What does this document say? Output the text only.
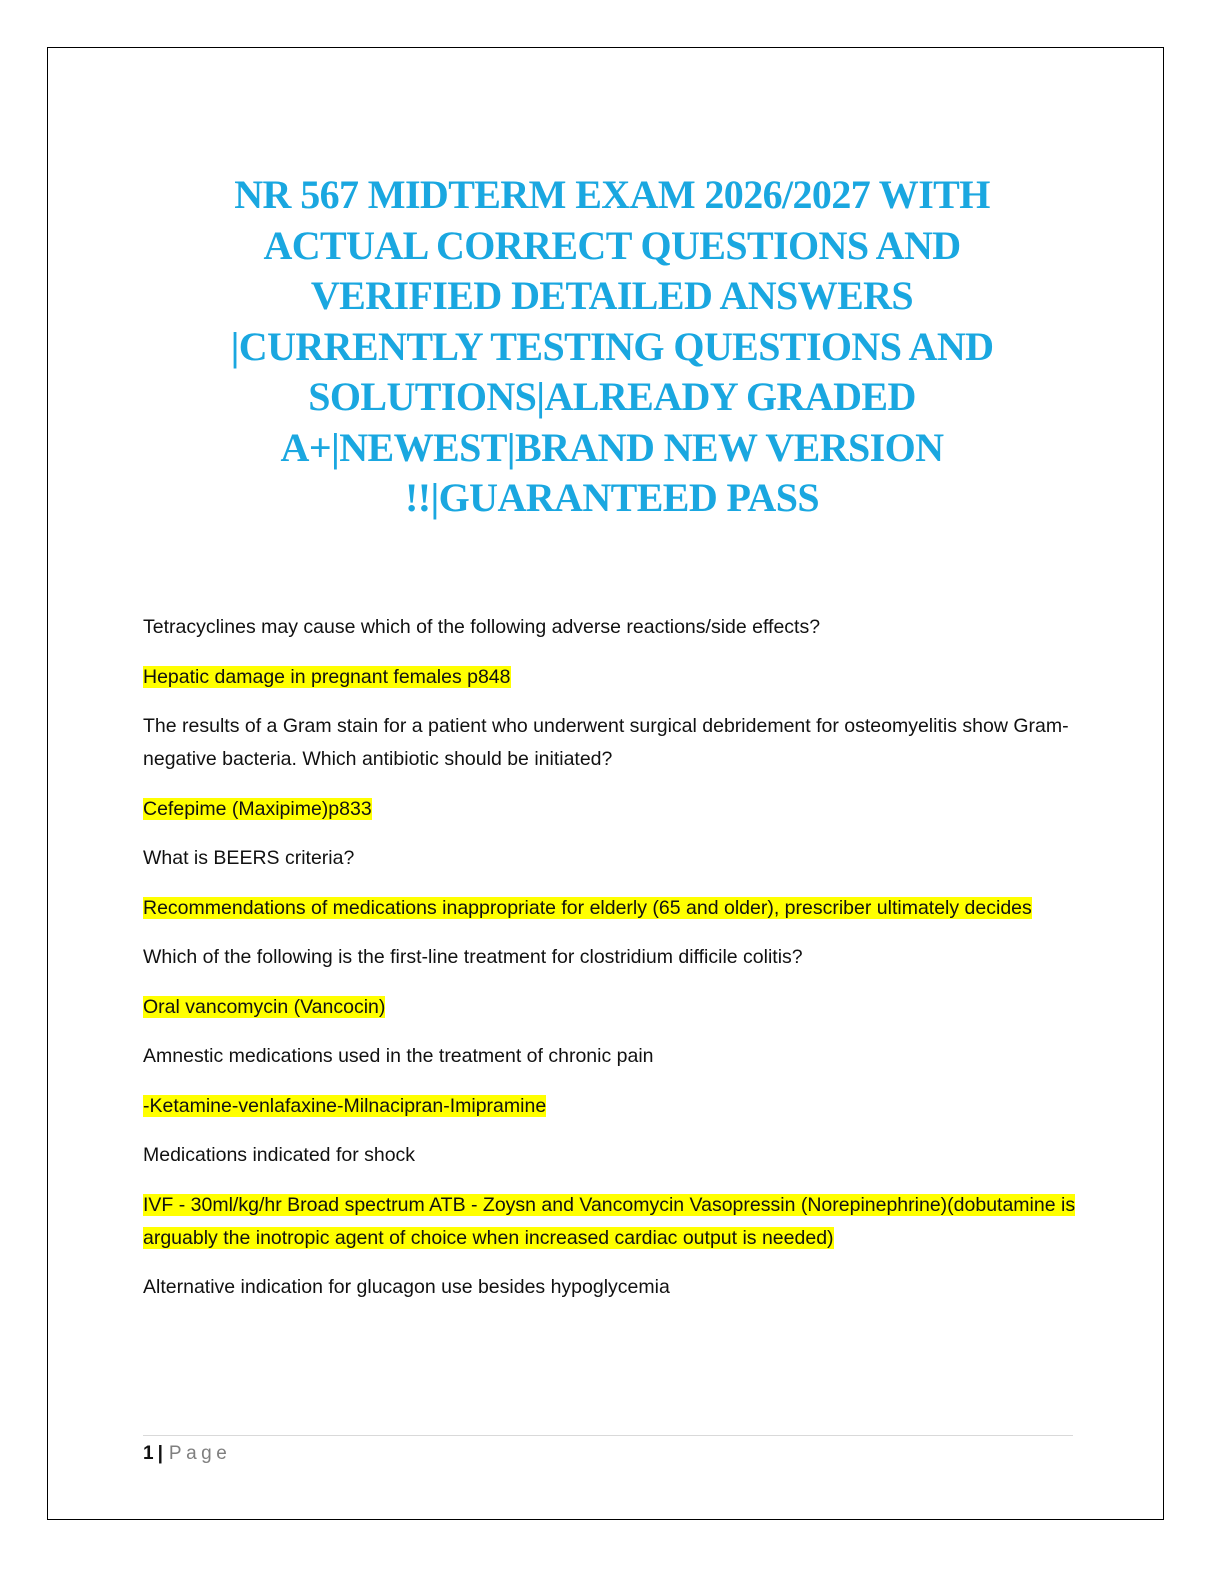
NR 567 MIDTERM EXAM 2026/2027 WITH
ACTUAL CORRECT QUESTIONS AND
VERIFIED DETAILED ANSWERS
|CURRENTLY TESTING QUESTIONS AND
SOLUTIONS|ALREADY GRADED
A+|NEWEST|BRAND NEW VERSION
!!|GUARANTEED PASS

Tetracyclines may cause which of the following adverse reactions/side effects?

Hepatic damage in pregnant females p848

The results of a Gram stain for a patient who underwent surgical debridement for osteomyelitis show Gram-negative bacteria. Which antibiotic should be initiated?

Cefepime (Maxipime)p833

What is BEERS criteria?

Recommendations of medications inappropriate for elderly (65 and older), prescriber ultimately decides

Which of the following is the first-line treatment for clostridium difficile colitis?

Oral vancomycin (Vancocin)

Amnestic medications used in the treatment of chronic pain

-Ketamine-venlafaxine-Milnacipran-Imipramine

Medications indicated for shock

IVF - 30ml/kg/hr Broad spectrum ATB - Zoysn and Vancomycin Vasopressin (Norepinephrine)(dobutamine is arguably the inotropic agent of choice when increased cardiac output is needed)

Alternative indication for glucagon use besides hypoglycemia

1 | Page
